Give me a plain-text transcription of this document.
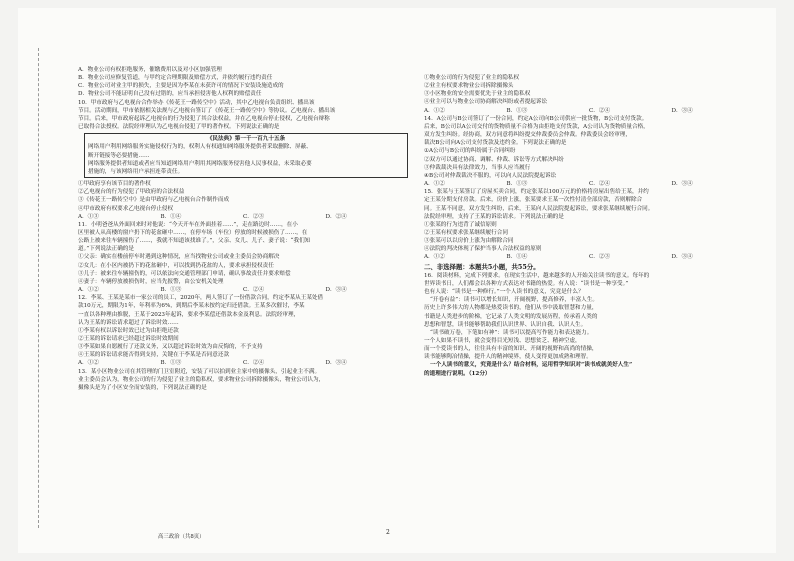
A．物业公司有权拒绝服务，催缴费用以及对小区加强管理
B．物业公司应修复管道，与甲约定合理期限及赔偿方式，并依约履行违约责任
C．物业公司对业主甲的损失，主要是因为李某在未获许可的情况下安装设施造成的
D．物业公司不能证明自己没有过错的，应当承担侵害他人权利的赔偿责任
10．甲市政府与乙电视台合作举办《传花王一路传空中》活动，其中乙电视台负责组织、播出该
节目。活动期间，甲市依据相关法规与乙电视台签订了《传花王一路传空中》等协议。乙电视台、播出该
节目。后来，甲市政府起诉乙电视台的行为侵犯了其合法权益，并在乙电视台停止侵权，乙电视台辩称
已取得合法授权。法院经审理认为乙电视台侵犯了甲的著作权。下列说法正确的是
《民法典》第一千一百九十五条
网络用户利用网络服务实施侵权行为的，权利人有权通知网络服务提供者采取删除、屏蔽、
断开链接等必要措施……
网络服务提供者知道或者应当知道网络用户利用其网络服务侵害他人民事权益，未采取必要
措施的，与该网络用户承担连带责任。
①甲政府享有该节目的著作权
②乙电视台的行为侵犯了甲政府的合法权益
③《传花王一路传空中》是由甲政府与乙电视台合作制作而成
④甲市政府有权要求乙电视台停止侵权
A．①③	B．①④	C．②③	D．②④
11．小明爸爸从外面回来时对他说：“今天开车在外面挂着……”，走在路边时……，在小
区里被人从高楼的窗户扔下的花盆砸中……，在停车场（车位）停放的时候被损伤了……，在
公路上被来往车辆撞伤了……，我就不知道该找谁了。”，父亲、女儿、儿子、妻子说：“我们知
道。”下列说法正确的是
①父亲：确实在楼前停车时遇到这种情况，应当找物业公司或业主委员会协商解决
②女儿：在小区内被扔下的花盆砸中，可以找到扔花盆的人，要求承担侵权责任
③儿子：被来往车辆撞伤的，可以依法向交通管理部门申请，确认事故责任并要求赔偿
④妻子：车辆停放被损伤时，应当先报警，由公安机关处理
A．①②	B．①③	C．②④	D．③④
12．李某、王某是某市一家公司的员工，2020年，两人签订了一份借款合同，约定李某从王某处借
款10万元，期限为1年，年利率为6%，到期后李某未按约定归还借款。王某多次催讨，李某
一直以各种理由推脱，王某于2023年起诉，要求李某偿还借款本金及利息。法院经审理，
认为王某的诉讼请求超过了诉讼时效……
①李某有权以诉讼时效已过为由拒绝还款
②王某的诉讼请求已经超过诉讼时效期间
③李某如果自愿履行了还款义务，又以超过诉讼时效为由反悔的，不予支持
④王某的诉讼请求能否得到支持，关键在于李某是否同意还款
A．①②	B．①③	C．②④	D．③④
13．某小区物业公司在其管理的门卫室附近，安装了可以拍到业主家中的摄像头，引起业主不满。
业主委员会认为，物业公司的行为侵犯了业主的隐私权，要求物业公司拆除摄像头，物业公司认为，
摄像头是为了小区安全而安装的，下列说法正确的是
①物业公司的行为侵犯了业主的隐私权
②业主有权要求物业公司拆除摄像头
③小区物业的安全需要优先于业主的隐私权
④业主可以与物业公司协商解决纠纷或者提起诉讼
A．①②	B．①③	C．②④	D．③④
14．A公司与B公司签订了一份合同，约定A公司向B公司供应一批货物，B公司支付货款。
后来，B公司以A公司交付的货物质量不合格为由拒绝支付货款，A公司认为货物质量合格，
双方发生纠纷。经协商，双方同意将纠纷提交仲裁委员会仲裁。仲裁委员会经审理，
裁决B公司向A公司支付货款及违约金。下列说法正确的是
①A公司与B公司的纠纷属于合同纠纷
②双方可以通过协商、调解、仲裁、诉讼等方式解决纠纷
③仲裁裁决具有法律效力，当事人应当履行
④B公司对仲裁裁决不服的，可以向人民法院提起诉讼
A．①②	B．①③	C．②④	D．③④
15．张某与王某签订了房屋买卖合同，约定张某以100万元的价格将房屋出售给王某，并约
定王某分期支付房款。后来，房价上涨，张某要求王某一次性付清全部房款，否则解除合
同。王某不同意，双方发生纠纷，后来，王某向人民法院提起诉讼，要求张某继续履行合同。
法院经审理，支持了王某的诉讼请求。下列说法正确的是
①张某的行为违背了诚信原则
②王某有权要求张某继续履行合同
③张某可以以房价上涨为由解除合同
④法院的判决体现了保护当事人合法权益的原则
A．①②	B．①④	C．②③	D．③④
二、非选择题：本题共5小题，共55分。
16．阅读材料，完成下列要求。在现实生活中，越来越多的人开始关注读书的意义。每年的
世界读书日，人们都会以各种方式表达对书籍的热爱。有人说：“读书是一种享受。”
也有人说：“读书是一种修行。”一个人读书的意义，究竟是什么？
“开卷有益”：读书可以增长知识，开阔视野，提高修养，丰富人生。
历史上许多伟大的人物都是热爱读书的，他们从书中汲取智慧和力量，
书籍是人类进步的阶梯，它记录了人类文明的发展历程，传承着人类的
思想和智慧，读书能够帮助我们认识世界、认识自我、认识人生。
“读书破万卷，下笔如有神”：读书可以提高写作能力和表达能力。
一个人如果不读书，就会变得目光短浅、思想贫乏、精神空虚，
而一个爱读书的人，往往具有丰富的知识、开阔的视野和高尚的情操，
读书能够陶冶情操，提升人的精神境界，使人变得更加成熟和理智。
一个人读书的意义，究竟是什么？结合材料，运用哲学知识对“读书成就美好人生”
的道理进行说明。（12分）
高三政治（共8页）
2
